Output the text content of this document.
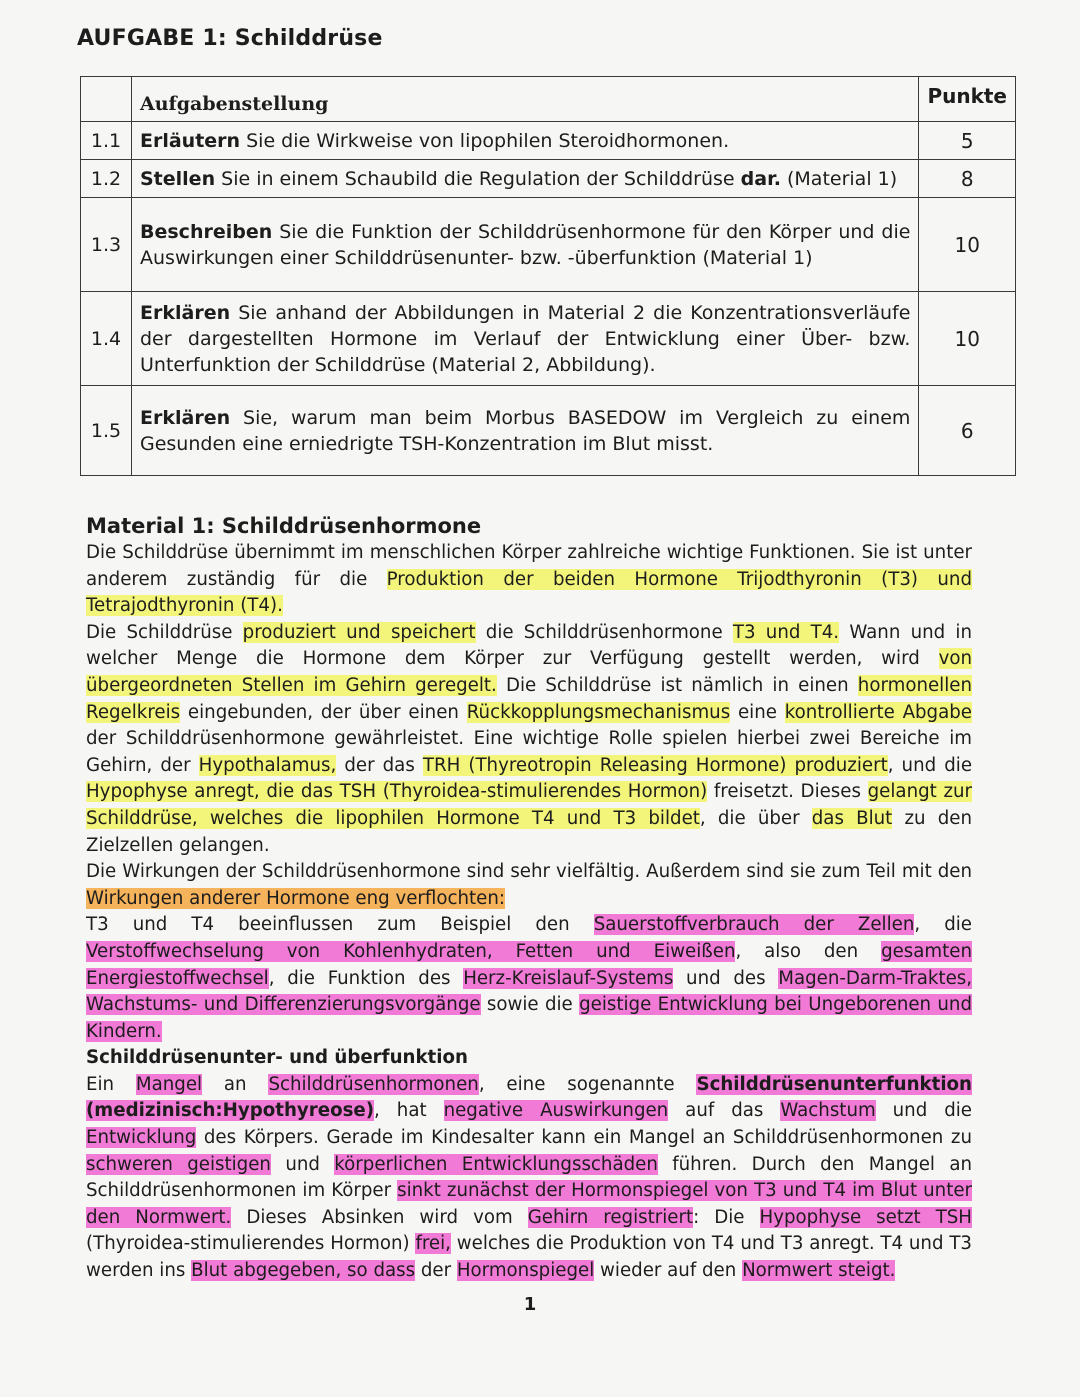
AUFGABE 1: Schilddrüse
	Aufgabenstellung	Punkte
1.1	Erläutern Sie die Wirkweise von lipophilen Steroidhormonen.	5
1.2	Stellen Sie in einem Schaubild die Regulation der Schilddrüse dar. (Material 1)	8
1.3	Beschreiben Sie die Funktion der Schilddrüsenhormone für den Körper und die Auswirkungen einer Schilddrüsenunter- bzw. -überfunktion (Material 1)	10
1.4	Erklären Sie anhand der Abbildungen in Material 2 die Konzentrationsverläufe der dargestellten Hormone im Verlauf der Entwicklung einer Über- bzw. Unterfunktion der Schilddrüse (Material 2, Abbildung).	10
1.5	Erklären Sie, warum man beim Morbus BASEDOW im Vergleich zu einem Gesunden eine erniedrigte TSH-Konzentration im Blut misst.	6
Material 1: Schilddrüsenhormone

Die Schilddrüse übernimmt im menschlichen Körper zahlreiche wichtige Funktionen. Sie ist unter anderem zuständig für die Produktion der beiden Hormone Trijodthyronin (T3) und Tetrajodthyronin (T4).

Die Schilddrüse produziert und speichert die Schilddrüsenhormone T3 und T4. Wann und in welcher Menge die Hormone dem Körper zur Verfügung gestellt werden, wird von übergeordneten Stellen im Gehirn geregelt. Die Schilddrüse ist nämlich in einen hormonellen Regelkreis eingebunden, der über einen Rückkopplungsmechanismus eine kontrollierte Abgabe der Schilddrüsenhormone gewährleistet. Eine wichtige Rolle spielen hierbei zwei Bereiche im Gehirn, der Hypothalamus, der das TRH (Thyreotropin Releasing Hormone) produziert, und die Hypophyse anregt, die das TSH (Thyroidea-stimulierendes Hormon) freisetzt. Dieses gelangt zur Schilddrüse, welches die lipophilen Hormone T4 und T3 bildet, die über das Blut zu den Zielzellen gelangen.

Die Wirkungen der Schilddrüsenhormone sind sehr vielfältig. Außerdem sind sie zum Teil mit den Wirkungen anderer Hormone eng verflochten:

T3 und T4 beeinflussen zum Beispiel den Sauerstoffverbrauch der Zellen, die Verstoffwechselung von Kohlenhydraten, Fetten und Eiweißen, also den gesamten Energiestoffwechsel, die Funktion des Herz-Kreislauf-Systems und des Magen-Darm-Traktes, Wachstums- und Differenzierungsvorgänge sowie die geistige Entwicklung bei Ungeborenen und Kindern.

Schilddrüsenunter- und überfunktion

Ein Mangel an Schilddrüsenhormonen, eine sogenannte Schilddrüsenunterfunktion (medizinisch:Hypothyreose), hat negative Auswirkungen auf das Wachstum und die Entwicklung des Körpers. Gerade im Kindesalter kann ein Mangel an Schilddrüsenhormonen zu schweren geistigen und körperlichen Entwicklungsschäden führen. Durch den Mangel an Schilddrüsenhormonen im Körper sinkt zunächst der Hormonspiegel von T3 und T4 im Blut unter den Normwert. Dieses Absinken wird vom Gehirn registriert: Die Hypophyse setzt TSH (Thyroidea-stimulierendes Hormon) frei, welches die Produktion von T4 und T3 anregt. T4 und T3 werden ins Blut abgegeben, so dass der Hormonspiegel wieder auf den Normwert steigt.

1
